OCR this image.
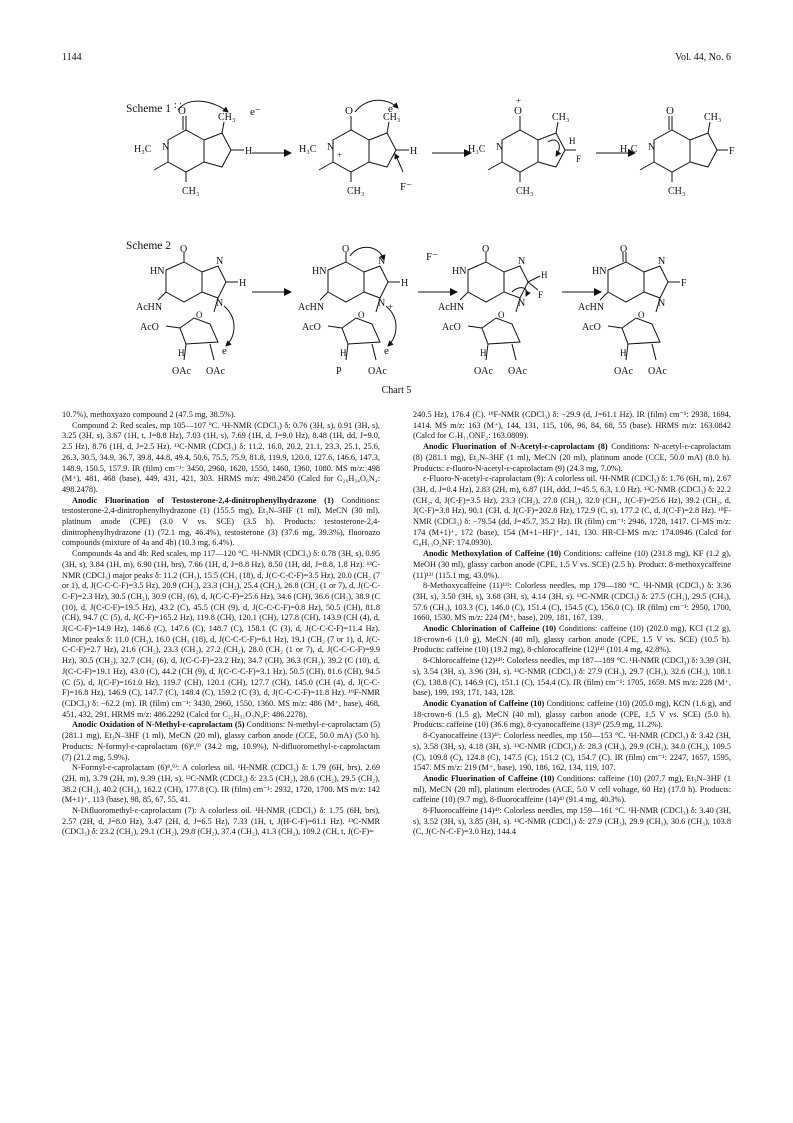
1144	Vol. 44, No. 6
Scheme 1 O
: :
N
H₃C
CH₃
CH₃
H
e⁻	O
N
+
H₃C
CH₃
CH₃
H
e⁻
F⁻
O
+
N
H₃C
CH₃
CH₃
H
F
O
N
H₃C
CH₃
CH₃
F
Scheme 2 O
HN
AcHN
N
H
N
AcO
O
H
OAc OAc
e
O
HN
AcHN
N
H
N +
AcO
O
H
P	OAc
F⁻
e
O
HN
AcHN
N
H
F
N
AcO
O
H
OAc OAc
O
HN
AcHN
N
F
N
AcO
O
H
OAc OAc
Chart 5

10.7%), methoxyazo compound 2 (47.5 mg, 38.5%).

Compound 2: Red scales, mp 105—107 °C. ¹H-NMR (CDCl₃) δ: 0.76 (3H, s), 0.91 (3H, s), 3.25 (3H, s), 3.67 (1H, t, J=8.8 Hz), 7.03 (1H, s), 7.69 (1H, d, J=9.0 Hz), 8.48 (1H, dd, J=9.0, 2.5 Hz), 8.76 (1H, d, J=2.5 Hz). ¹³C-NMR (CDCl₃) δ: 11.2, 16.0, 20.2, 21.1, 23.3, 25.1, 25.6, 26.3, 30.5, 34.9, 36.7, 39.8, 44.8, 49.4, 50.6, 75.5, 75.9, 81.8, 119.9, 120.0, 127.6, 146.6, 147.3, 148.9, 150.5, 157.9. IR (film) cm⁻¹: 3450, 2960, 1620, 1550, 1460, 1360, 1080. MS m/z: 498 (M⁺), 481, 468 (base), 449, 431, 421, 303. HRMS m/z: 498.2450 (Calcd for C₂₆H₃₄O₆N₄: 498.2478).

Anodic Fluorination of Testosterone-2,4-dinitrophenylhydrazone (1) Conditions: testosterone-2,4-dinitrophenylhydrazone (1) (155.5 mg), Et₃N–3HF (1 ml), MeCN (30 ml), platinum anode (CPE) (3.0 V vs. SCE) (3.5 h). Products: testosterone-2,4-dinitrophenylhydrazone (1) (72.1 mg, 46.4%), testosterone (3) (37.6 mg, 39.3%), fluoroazo compounds (mixture of 4a and 4b) (10.3 mg, 6.4%).

Compounds 4a and 4b: Red scales, mp 117—120 °C. ¹H-NMR (CDCl₃) δ: 0.78 (3H, s), 0.95 (3H, s), 3.84 (1H, m), 6.90 (1H, brs), 7.66 (1H, d, J=8.8 Hz), 8.50 (1H, dd, J=8.8, 1.8 Hz). ¹³C-NMR (CDCl₃) major peaks δ: 11.2 (CH₃), 15.5 (CH₃ (18), d, J(C-C-C-F)=3.5 Hz), 20.0 (CH₂ (7 or 1), d, J(C-C-C-F)=3.5 Hz), 20.9 (CH₂), 23.3 (CH₂), 25.4 (CH₂), 26.8 (CH₂ (1 or 7), d, J(C-C-C-F)=2.3 Hz), 30.5 (CH₂), 30.9 (CH₂ (6), d, J(C-C-F)=25.6 Hz), 34.6 (CH), 36.6 (CH₂), 38.9 (C (10), d, J(C-C-F)=19.5 Hz), 43.2 (C), 45.5 (CH (9), d, J(C-C-C-F)=0.8 Hz), 50.5 (CH), 81.8 (CH), 94.7 (C (5), d, J(C-F)=165.2 Hz), 119.8 (CH), 120.1 (CH), 127.8 (CH), 143.9 (CH (4), d, J(C-C-F)=14.9 Hz), 146.6 (C), 147.6 (C), 148.7 (C), 158.1 (C (3), d, J(C-C-C-F)=11.4 Hz). Minor peaks δ: 11.0 (CH₃), 16.0 (CH₃ (18), d, J(C-C-C-F)=6.1 Hz), 19.1 (CH₂ (7 or 1), d, J(C-C-C-F)=2.7 Hz), 21.6 (CH₂), 23.3 (CH₂), 27.2 (CH₂), 28.0 (CH₂ (1 or 7), d, J(C-C-C-F)=9.9 Hz), 30.5 (CH₂), 32.7 (CH₂ (6), d, J(C-C-F)=23.2 Hz), 34.7 (CH), 36.3 (CH₂), 39.2 (C (10), d, J(C-C-F)=19.1 Hz), 43.0 (C), 44.2 (CH (9), d, J(C-C-C-F)=3.1 Hz), 50.5 (CH), 81.6 (CH), 94.5 (C (5), d, J(C-F)=161.0 Hz), 119.7 (CH), 120.1 (CH), 127.7 (CH), 145.0 (CH (4), d, J(C-C-F)=16.8 Hz), 146.9 (C), 147.7 (C), 148.4 (C), 159.2 (C (3), d, J(C-C-C-F)=11.8 Hz). ¹⁹F-NMR (CDCl₃) δ: −62.2 (m). IR (film) cm⁻¹: 3430, 2960, 1550, 1360. MS m/z: 486 (M⁺, base), 468, 451, 432, 291. HRMS m/z: 486.2292 (Calcd for C₂₅H₃₁O₅N₄F: 486.2278).

Anodic Oxidation of N-Methyl-ε-caprolactam (5) Conditions: N-methyl-ε-caprolactam (5) (281.1 mg), Et₃N–3HF (1 ml), MeCN (20 ml), glassy carbon anode (CCE, 50.0 mA) (5.0 h). Products: N-formyl-ε-caprolactam (6)⁸,⁹⁾ (34.2 mg, 10.9%), N-difluoromethyl-ε-caprolactam (7) (21.2 mg, 5.9%).

N-Formyl-ε-caprolactam (6)⁸,⁹⁾: A colorless oil. ¹H-NMR (CDCl₃) δ: 1.79 (6H, brs), 2.69 (2H, m), 3.79 (2H, m), 9.39 (1H, s). ¹³C-NMR (CDCl₃) δ: 23.5 (CH₂), 28.6 (CH₂), 29.5 (CH₂), 38.2 (CH₂), 40.2 (CH₂), 162.2 (CH), 177.8 (C). IR (film) cm⁻¹: 2932, 1720, 1700. MS m/z: 142 (M+1)⁺, 113 (base), 98, 85, 67, 55, 41.

N-Difluoromethyl-ε-caprolactam (7): A colorless oil. ¹H-NMR (CDCl₃) δ: 1.75 (6H, brs), 2.57 (2H, d, J=8.0 Hz), 3.47 (2H, d, J=6.5 Hz), 7.33 (1H, t, J(H-C-F)=61.1 Hz). ¹³C-NMR (CDCl₃) δ: 23.2 (CH₂), 29.1 (CH₂), 29.8 (CH₂), 37.4 (CH₂), 41.3 (CH₂), 109.2 (CH, t, J(C-F)=

240.5 Hz), 176.4 (C). ¹⁹F-NMR (CDCl₃) δ: −29.9 (d, J=61.1 Hz). IR (film) cm⁻¹: 2938, 1694, 1414. MS m/z: 163 (M⁺), 144, 131, 115, 106, 96, 84, 68, 55 (base). HRMS m/z: 163.0842 (Calcd for C₇H₁₁ONF₂: 163.0809).

Anodic Fluorination of N-Acetyl-ε-caprolactam (8) Conditions: N-acetyl-ε-caprolactam (8) (281.1 mg), Et₃N–3HF (1 ml), MeCN (20 ml), platinum anode (CCE, 50.0 mA) (8.0 h). Products: ε-fluoro-N-acetyl-ε-caprolactam (9) (24.3 mg, 7.0%).

ε-Fluoro-N-acetyl-ε-caprolactam (9): A colorless oil. ¹H-NMR (CDCl₃) δ: 1.76 (6H, m), 2.67 (3H, d, J=0.4 Hz), 2.83 (2H, m), 6.87 (1H, ddd, J=45.5, 6.3, 1.0 Hz). ¹³C-NMR (CDCl₃) δ: 22.2 (CH₂, d, J(C-F)=3.5 Hz), 23.3 (CH₂), 27.0 (CH₂), 32.0 (CH₂, J(C-F)=25.6 Hz), 39.2 (CH₂, d, J(C-F)=3.8 Hz), 90.1 (CH, d, J(C-F)=202.8 Hz), 172.9 (C, s), 177.2 (C, d, J(C-F)=2.8 Hz). ¹⁹F-NMR (CDCl₃) δ: −79.54 (dd, J=45.7, 35.2 Hz). IR (film) cm⁻¹: 2946, 1728, 1417. CI-MS m/z: 174 (M+1)⁺, 172 (base), 154 (M+1−HF)⁺, 141, 130. HR-CI-MS m/z: 174.0946 (Calcd for C₈H₁₃O₂NF: 174.0930).

Anodic Methoxylation of Caffeine (10) Conditions: caffeine (10) (231.8 mg), KF (1.2 g), MeOH (30 ml), glassy carbon anode (CPE, 1.5 V vs. SCE) (2.5 h). Product: 8-methoxycaffeine (11)¹³⁾ (115.1 mg, 43.0%).

8-Methoxycaffeine (11)¹³⁾: Colorless needles, mp 179—180 °C. ¹H-NMR (CDCl₃) δ: 3.36 (3H, s), 3.50 (3H, s), 3.68 (3H, s), 4.14 (3H, s). ¹³C-NMR (CDCl₃) δ: 27.5 (CH₃), 29.5 (CH₃), 57.6 (CH₃), 103.3 (C), 146.0 (C), 151.4 (C), 154.5 (C), 156.0 (C). IR (film) cm⁻¹: 2950, 1700, 1660, 1530. MS m/z: 224 (M⁺, base), 209, 181, 167, 139.

Anodic Chlorination of Caffeine (10) Conditions: caffeine (10) (202.0 mg), KCl (1.2 g), 18-crown-6 (1.0 g), MeCN (40 ml), glassy carbon anode (CPE, 1.5 V vs. SCE) (10.5 h). Products: caffeine (10) (19.2 mg), 8-chlorocaffeine (12)¹⁴⁾ (101.4 mg, 42.8%).

8-Chlorocaffeine (12)¹⁴⁾: Colorless needles, mp 187—189 °C. ¹H-NMR (CDCl₃) δ: 3.39 (3H, s), 3.54 (3H, s), 3.96 (3H, s). ¹³C-NMR (CDCl₃) δ: 27.9 (CH₃), 29.7 (CH₃), 32.6 (CH₃), 108.1 (C), 138.8 (C), 146.9 (C), 151.1 (C), 154.4 (C). IR (film) cm⁻¹: 1705, 1659. MS m/z: 228 (M⁺, base), 199, 193, 171, 143, 128.

Anodic Cyanation of Caffeine (10) Conditions: caffeine (10) (205.0 mg), KCN (1.6 g), and 18-crown-6 (1.5 g), MeCN (40 ml), glassy carbon anode (CPE, 1.5 V vs. SCE) (5.0 h). Products: caffeine (10) (36.6 mg), 8-cyanocaffeine (13)⁴⁾ (25.9 mg, 11.2%).

8-Cyanocaffeine (13)⁴⁾: Colorless needles, mp 150—153 °C. ¹H-NMR (CDCl₃) δ: 3.42 (3H, s), 3.58 (3H, s), 4.18 (3H, s). ¹³C-NMR (CDCl₃) δ: 28.3 (CH₃), 29.9 (CH₃), 34.0 (CH₃), 109.5 (C), 109.8 (C), 124.8 (C), 147.5 (C), 151.2 (C), 154.7 (C). IR (film) cm⁻¹: 2247, 1657, 1595, 1547. MS m/z: 219 (M⁺, base), 190, 186, 162, 134, 119, 107.

Anodic Fluorination of Caffeine (10) Conditions: caffeine (10) (207.7 mg), Et₃N–3HF (1 ml), MeCN (20 ml), platinum electrodes (ACE, 5.0 V cell voltage, 60 Hz) (17.0 h). Products: caffeine (10) (9.7 mg), 8-fluorocaffeine (14)⁴⁾ (91.4 mg, 40.3%).

8-Fluorocaffeine (14)⁴⁾: Colorless needles, mp 159—161 °C. ¹H-NMR (CDCl₃) δ: 3.40 (3H, s), 3.52 (3H, s), 3.85 (3H, s). ¹³C-NMR (CDCl₃) δ: 27.9 (CH₃), 29.9 (CH₃), 30.6 (CH₃), 103.8 (C, J(C-N-C-F)=3.0 Hz), 144.4
